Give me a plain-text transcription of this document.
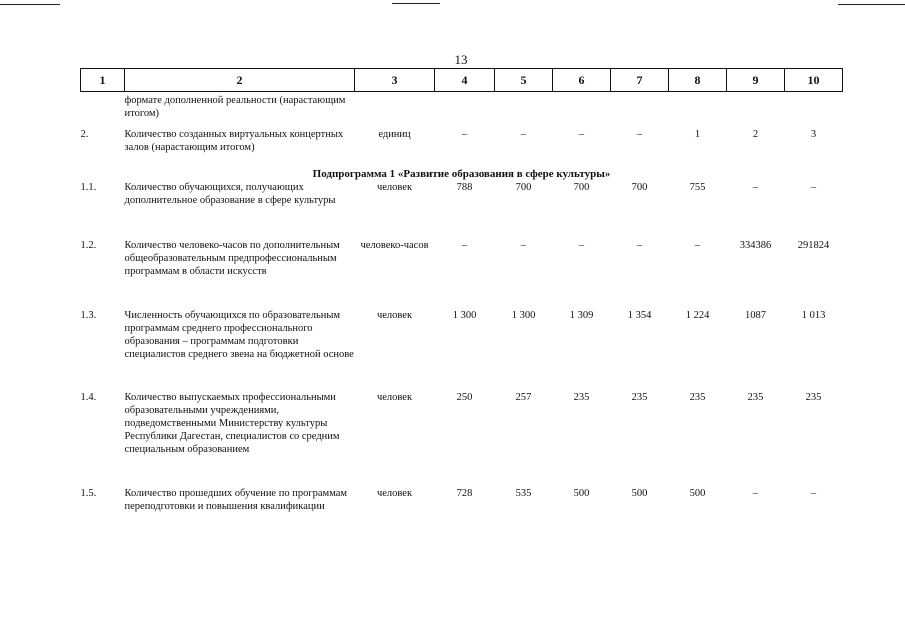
13
1	2	3	4	5	6	7	8	9	10
	формате дополненной реальности (нарастающим итогом)								
2.	Количество созданных виртуальных концертных залов (нарастающим итогом)	единиц	–	–	–	–	1	2	3
Подпрограмма 1 «Развитие образования в сфере культуры»									
1.1.	Количество обучающихся, получающих дополнительное образование в сфере культуры	человек	788	700	700	700	755	–	–
1.2.	Количество человеко-часов по дополнительным общеобразовательным предпрофессиональным программам в области искусств	человеко-часов	–	–	–	–	–	334386	291824
1.3.	Численность обучающихся по образовательным программам среднего профессионального образования – программам подготовки специалистов среднего звена на бюджетной основе	человек	1 300	1 300	1 309	1 354	1 224	1087	1 013
1.4.	Количество выпускаемых профессиональными образовательными учреждениями, подведомственными Министерству культуры Республики Дагестан, специалистов со средним специальным образованием	человек	250	257	235	235	235	235	235
1.5.	Количество прошедших обучение по программам переподготовки и повышения квалификации	человек	728	535	500	500	500	–	–
